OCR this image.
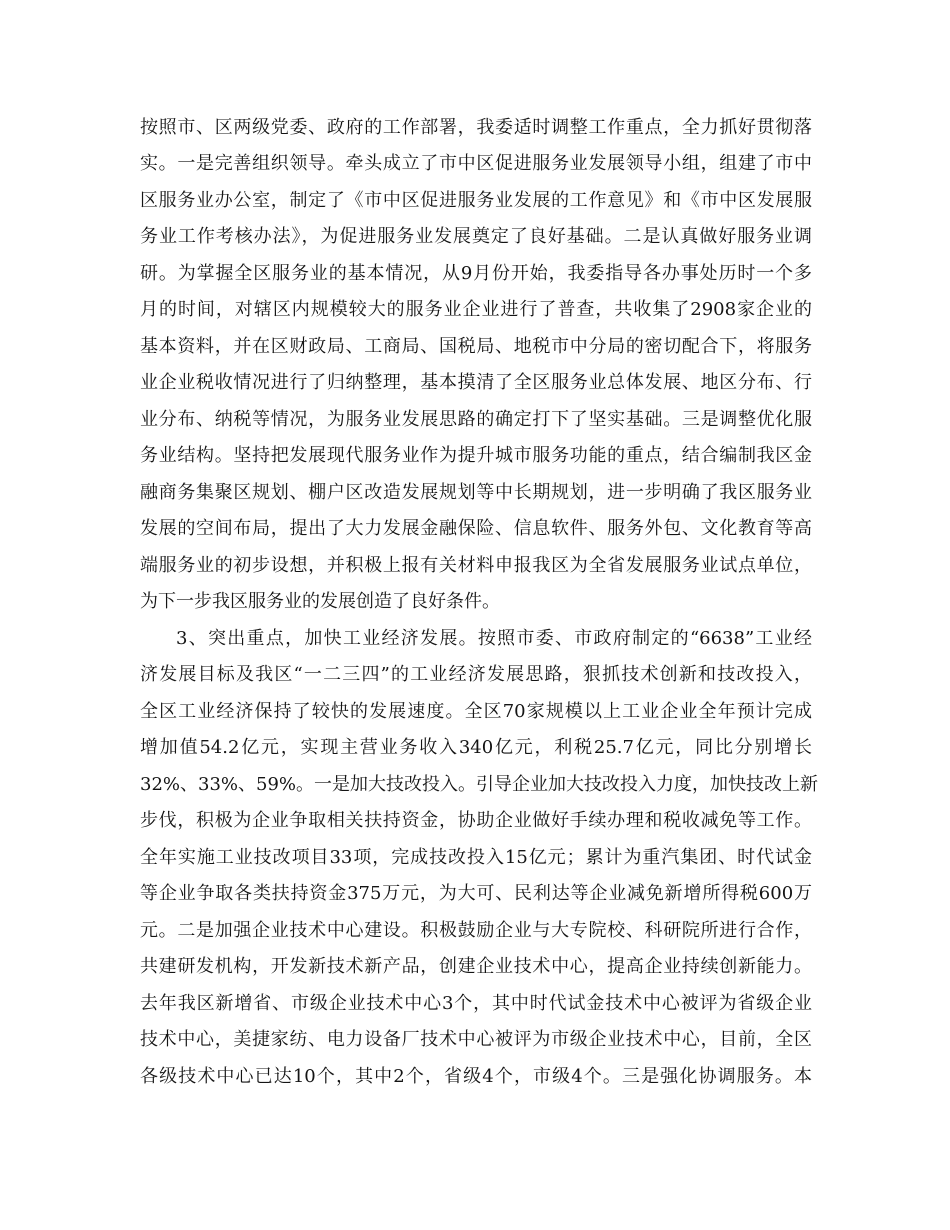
按照市、区两级党委、政府的工作部署，我委适时调整工作重点，全力抓好贯彻落
实。一是完善组织领导。牵头成立了市中区促进服务业发展领导小组，组建了市中
区服务业办公室，制定了《市中区促进服务业发展的工作意见》和《市中区发展服
务业工作考核办法》，为促进服务业发展奠定了良好基础。二是认真做好服务业调
研。为掌握全区服务业的基本情况，从9月份开始，我委指导各办事处历时一个多
月的时间，对辖区内规模较大的服务业企业进行了普查，共收集了2908家企业的
基本资料，并在区财政局、工商局、国税局、地税市中分局的密切配合下，将服务
业企业税收情况进行了归纳整理，基本摸清了全区服务业总体发展、地区分布、行
业分布、纳税等情况，为服务业发展思路的确定打下了坚实基础。三是调整优化服
务业结构。坚持把发展现代服务业作为提升城市服务功能的重点，结合编制我区金
融商务集聚区规划、棚户区改造发展规划等中长期规划，进一步明确了我区服务业
发展的空间布局，提出了大力发展金融保险、信息软件、服务外包、文化教育等高
端服务业的初步设想，并积极上报有关材料申报我区为全省发展服务业试点单位，
为下一步我区服务业的发展创造了良好条件。
3、突出重点，加快工业经济发展。按照市委、市政府制定的“6638”工业经
济发展目标及我区“一二三四”的工业经济发展思路，狠抓技术创新和技改投入，
全区工业经济保持了较快的发展速度。全区70家规模以上工业企业全年预计完成
增加值54.2亿元，实现主营业务收入340亿元，利税25.7亿元，同比分别增长
32%、33%、59%。一是加大技改投入。引导企业加大技改投入力度，加快技改上新
步伐，积极为企业争取相关扶持资金，协助企业做好手续办理和税收减免等工作。
全年实施工业技改项目33项，完成技改投入15亿元；累计为重汽集团、时代试金
等企业争取各类扶持资金375万元，为大可、民利达等企业减免新增所得税600万
元。二是加强企业技术中心建设。积极鼓励企业与大专院校、科研院所进行合作，
共建研发机构，开发新技术新产品，创建企业技术中心，提高企业持续创新能力。
去年我区新增省、市级企业技术中心3个，其中时代试金技术中心被评为省级企业
技术中心，美捷家纺、电力设备厂技术中心被评为市级企业技术中心，目前，全区
各级技术中心已达10个，其中2个，省级4个，市级4个。三是强化协调服务。本
